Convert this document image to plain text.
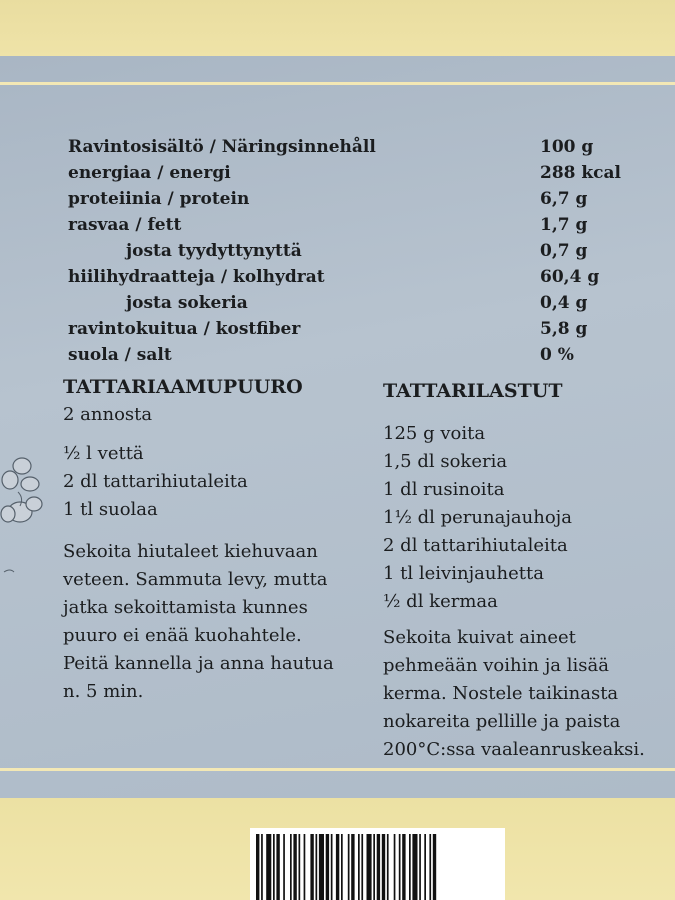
Ravintosisältö / Näringsinnehåll	100 g
energiaa / energi	288 kcal
proteiinia / protein	6,7 g
rasvaa / fett	1,7 g
josta tyydyttynyttä	0,7 g
hiilihydraatteja / kolhydrat	60,4 g
josta sokeria	0,4 g
ravintokuitua / kostfiber	5,8 g
suola / salt	0 %
TATTARIAAMUPUURO
2 annosta
½ l vettä
2 dl tattarihiutaleita
1 tl suolaa
Sekoita hiutaleet kiehuvaan
veteen. Sammuta levy, mutta
jatka sekoittamista kunnes
puuro ei enää kuohahtele.
Peitä kannella ja anna hautua
n. 5 min.
TATTARILASTUT
125 g voita
1,5 dl sokeria
1 dl rusinoita
1½ dl perunajauhoja
2 dl tattarihiutaleita
1 tl leivinjauhetta
½ dl kermaa
Sekoita kuivat aineet
pehmeään voihin ja lisää
kerma. Nostele taikinasta
nokareita pellille ja paista
200°C:ssa vaaleanruskeaksi.
